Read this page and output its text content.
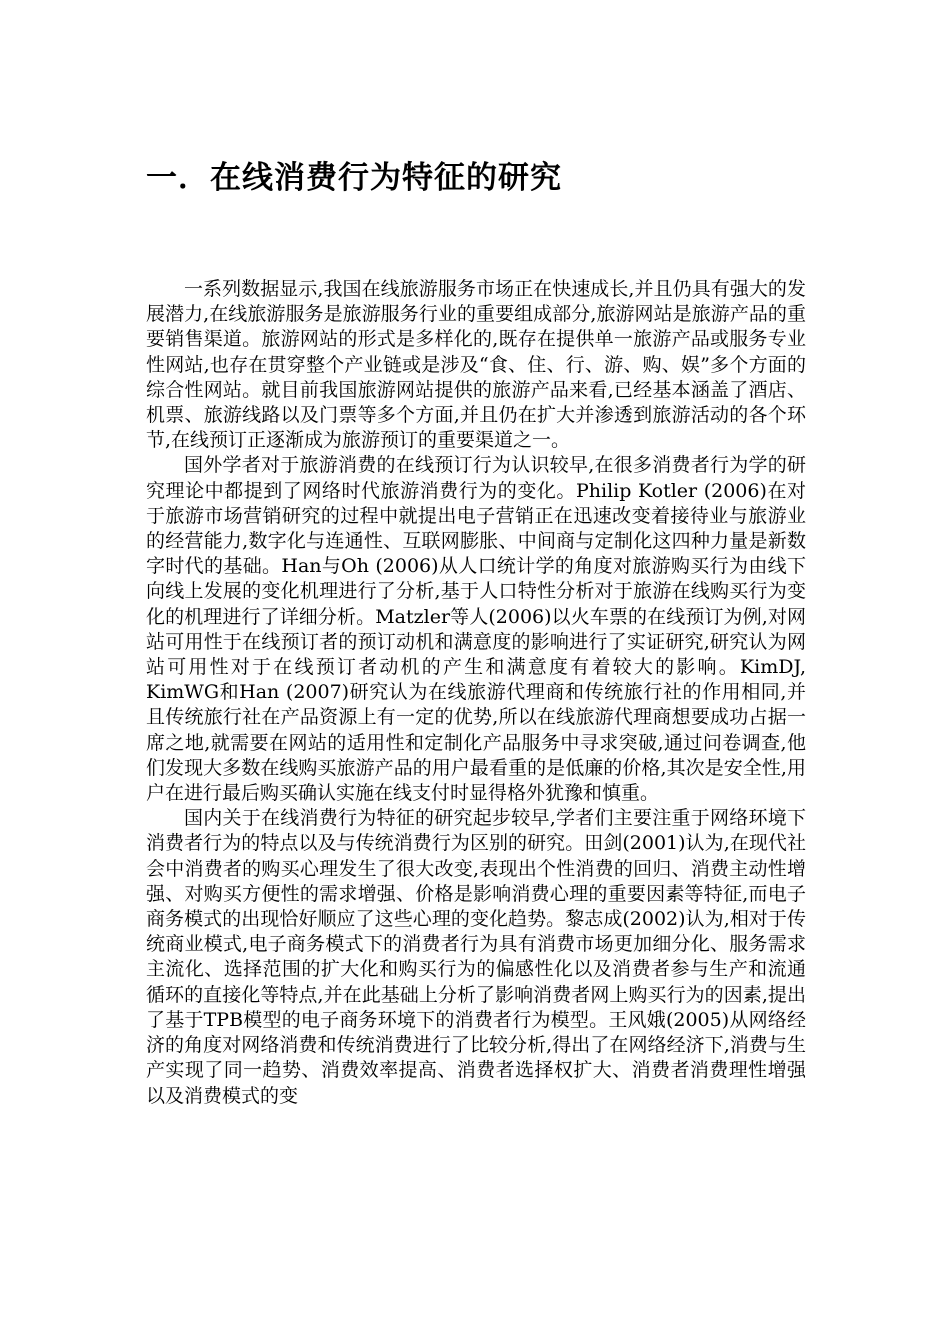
一．在线消费行为特征的研究

一系列数据显示,我国在线旅游服务市场正在快速成长,并且仍具有强大的发展潜力,在线旅游服务是旅游服务行业的重要组成部分,旅游网站是旅游产品的重要销售渠道。旅游网站的形式是多样化的,既存在提供单一旅游产品或服务专业性网站,也存在贯穿整个产业链或是涉及“食、住、行、游、购、娱”多个方面的综合性网站。就目前我国旅游网站提供的旅游产品来看,已经基本涵盖了酒店、机票、旅游线路以及门票等多个方面,并且仍在扩大并渗透到旅游活动的各个环节,在线预订正逐渐成为旅游预订的重要渠道之一。

国外学者对于旅游消费的在线预订行为认识较早,在很多消费者行为学的研究理论中都提到了网络时代旅游消费行为的变化。Philip Kotler (2006)在对于旅游市场营销研究的过程中就提出电子营销正在迅速改变着接待业与旅游业的经营能力,数字化与连通性、互联网膨胀、中间商与定制化这四种力量是新数字时代的基础。Han与Oh (2006)从人口统计学的角度对旅游购买行为由线下向线上发展的变化机理进行了分析,基于人口特性分析对于旅游在线购买行为变化的机理进行了详细分析。Matzler等人(2006)以火车票的在线预订为例,对网站可用性于在线预订者的预订动机和满意度的影响进行了实证研究,研究认为网站可用性对于在线预订者动机的产生和满意度有着较大的影响。KimDJ, KimWG和Han (2007)研究认为在线旅游代理商和传统旅行社的作用相同,并且传统旅行社在产品资源上有一定的优势,所以在线旅游代理商想要成功占据一席之地,就需要在网站的适用性和定制化产品服务中寻求突破,通过问卷调查,他们发现大多数在线购买旅游产品的用户最看重的是低廉的价格,其次是安全性,用户在进行最后购买确认实施在线支付时显得格外犹豫和慎重。

国内关于在线消费行为特征的研究起步较早,学者们主要注重于网络环境下消费者行为的特点以及与传统消费行为区别的研究。田剑(2001)认为,在现代社会中消费者的购买心理发生了很大改变,表现出个性消费的回归、消费主动性增强、对购买方便性的需求增强、价格是影响消费心理的重要因素等特征,而电子商务模式的出现恰好顺应了这些心理的变化趋势。黎志成(2002)认为,相对于传统商业模式,电子商务模式下的消费者行为具有消费市场更加细分化、服务需求主流化、选择范围的扩大化和购买行为的偏感性化以及消费者参与生产和流通循环的直接化等特点,并在此基础上分析了影响消费者网上购买行为的因素,提出了基于TPB模型的电子商务环境下的消费者行为模型。王风娥(2005)从网络经济的角度对网络消费和传统消费进行了比较分析,得出了在网络经济下,消费与生产实现了同一趋势、消费效率提高、消费者选择权扩大、消费者消费理性增强以及消费模式的变
